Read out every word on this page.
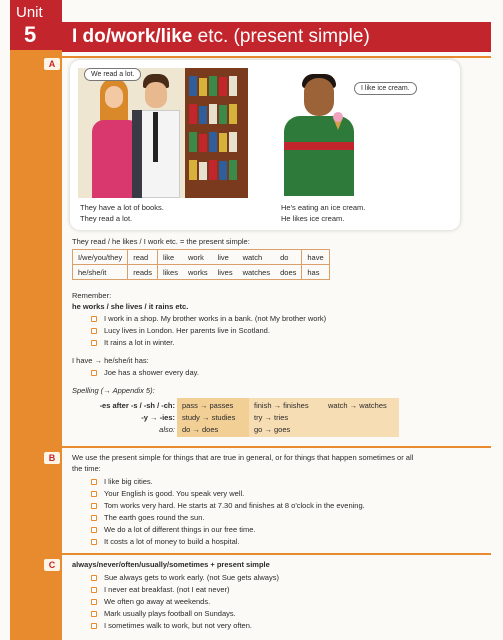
Unit
5 I do/work/like etc. (present simple)
A
We read a lot.
I like ice cream.
They have a lot of books.
They read a lot.
He's eating an ice cream.
He likes ice cream.
They read / he likes / I work etc. = the present simple:
I/we/you/they	read	like	work	live	watch	do	have
he/she/it	reads	likes	works	lives	watches	does	has
Remember:
he works / she lives / it rains etc.
I work in a shop. My brother works in a bank. (not My brother work)
Lucy lives in London. Her parents live in Scotland.
It rains a lot in winter.
I have → he/she/it has:
Joe has a shower every day.
Spelling (→ Appendix 5):
-es after -s / -sh / -ch: pass → passes	finish → finishes	watch → watches
-y → -ies: study → studies try → tries
also: do → does	go → goes
B	We use the present simple for things that are true in general, or for things that happen sometimes or all
the time:
I like big cities.
Your English is good. You speak very well.
Tom works very hard. He starts at 7.30 and finishes at 8 o'clock in the evening.
The earth goes round the sun.
We do a lot of different things in our free time.
It costs a lot of money to build a hospital.
C	always/never/often/usually/sometimes + present simple
Sue always gets to work early. (not Sue gets always)
I never eat breakfast. (not I eat never)
We often go away at weekends.
Mark usually plays football on Sundays.
I sometimes walk to work, but not very often.
